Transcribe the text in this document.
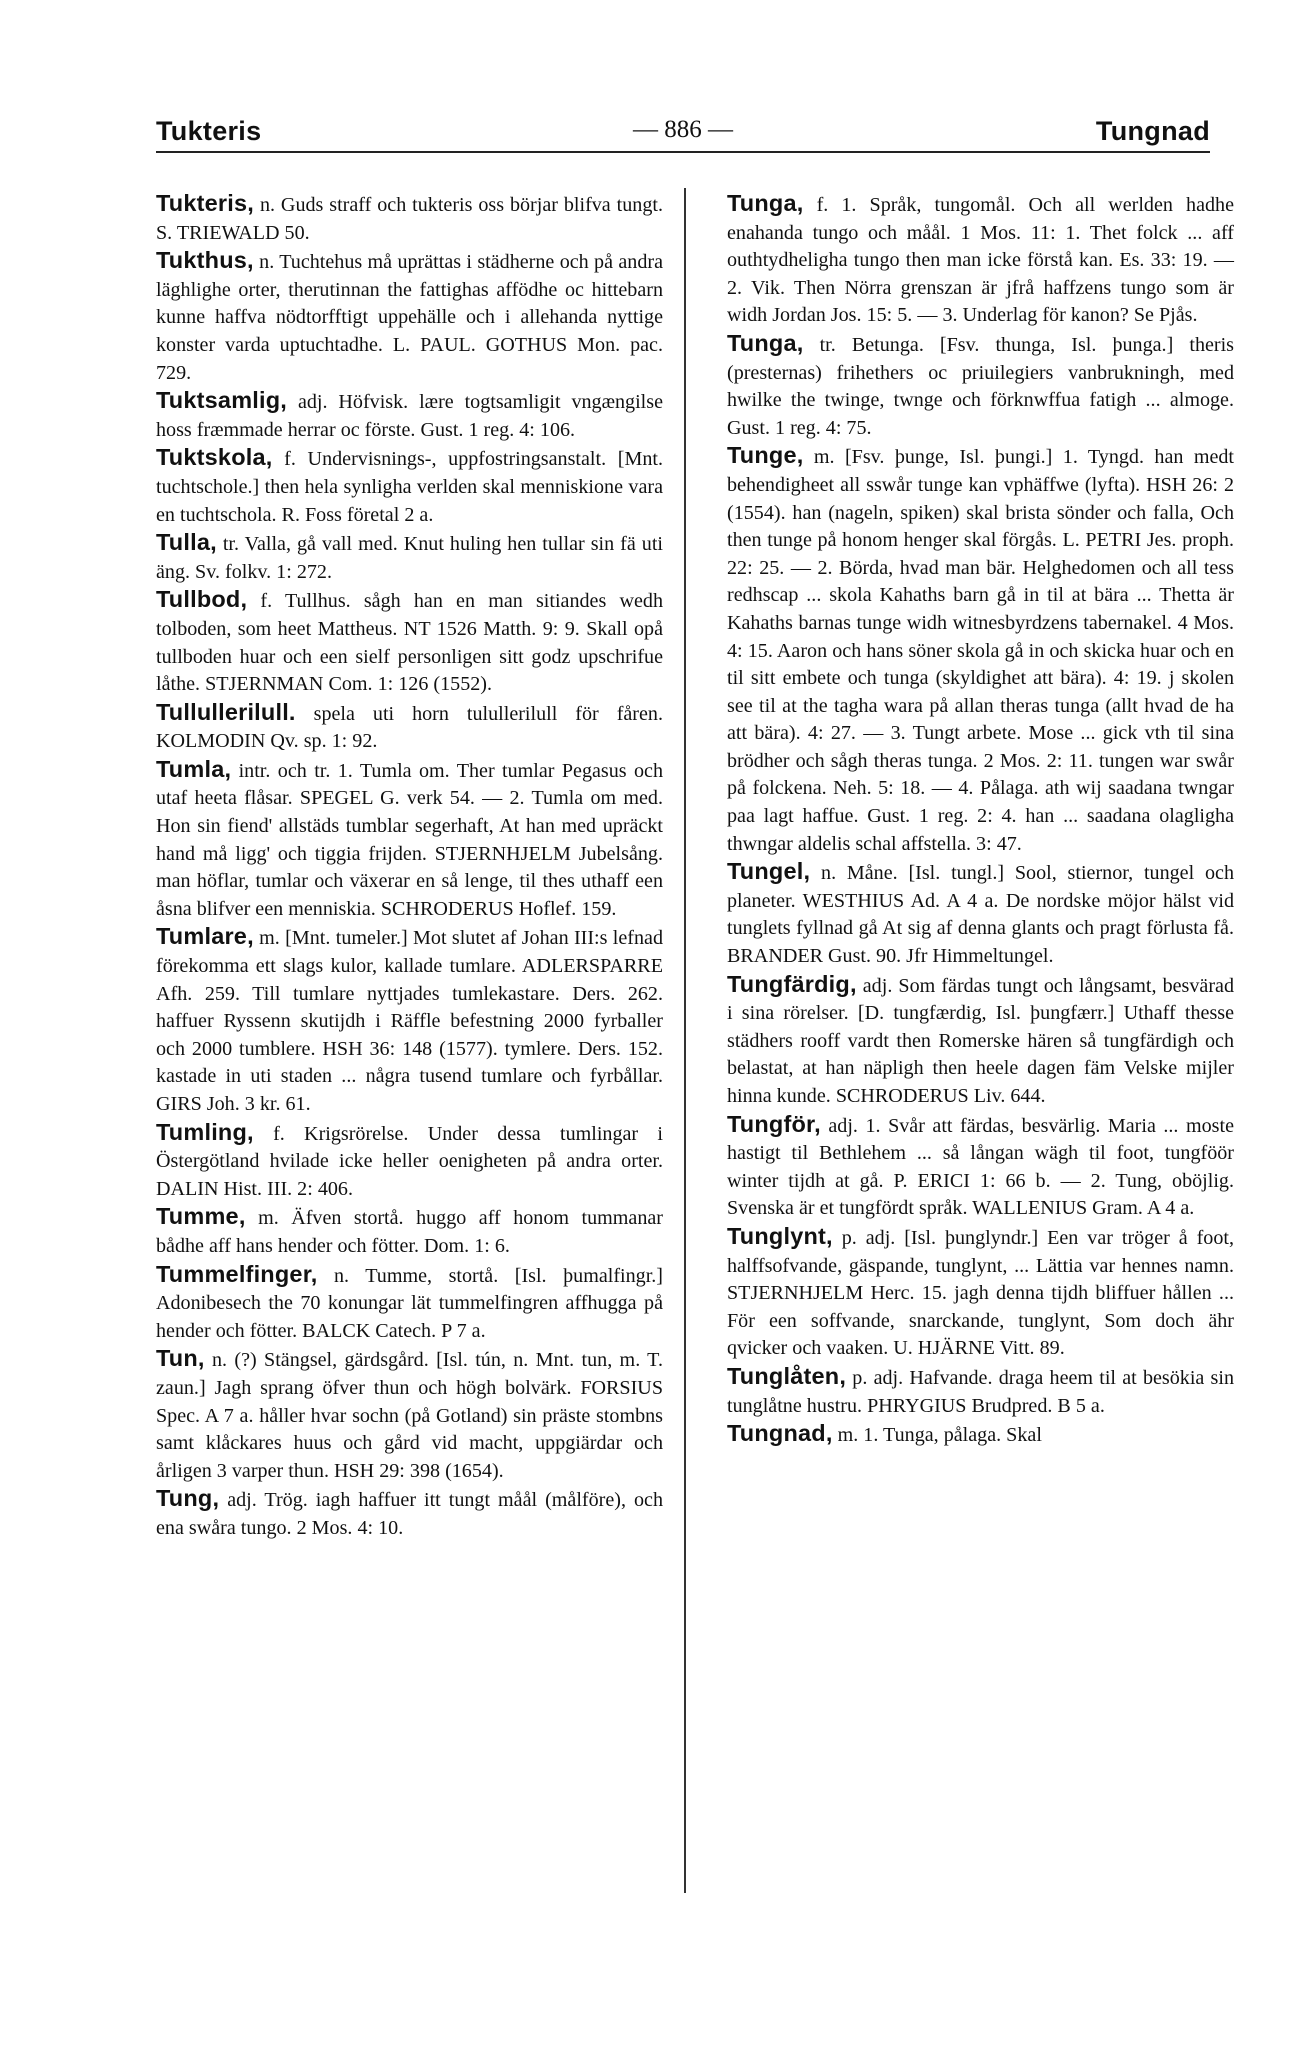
Tukteris	— 886 —	Tungnad

Tukteris, n. Guds straff och tukteris oss börjar blifva tungt. S. TRIEWALD 50.

Tukthus, n. Tuchtehus må uprättas i städherne och på andra läghlighe orter, therutinnan the fattighas affödhe oc hittebarn kunne haffva nödtorfftigt uppehälle och i allehanda nyttige konster varda uptuchtadhe. L. PAUL. GOTHUS Mon. pac. 729.

Tuktsamlig, adj. Höfvisk. lære togtsamligit vngængilse hoss fræmmade herrar oc förste. Gust. 1 reg. 4: 106.

Tuktskola, f. Undervisnings-, uppfostringsanstalt. [Mnt. tuchtschole.] then hela synligha verlden skal menniskione vara en tuchtschola. R. Foss företal 2 a.

Tulla, tr. Valla, gå vall med. Knut huling hen tullar sin fä uti äng. Sv. folkv. 1: 272.

Tullbod, f. Tullhus. sågh han en man sitiandes wedh tolboden, som heet Mattheus. NT 1526 Matth. 9: 9. Skall opå tullboden huar och een sielf personligen sitt godz upschrifue låthe. STJERNMAN Com. 1: 126 (1552).

Tullullerilull. spela uti horn tulullerilull för fåren. KOLMODIN Qv. sp. 1: 92.

Tumla, intr. och tr. 1. Tumla om. Ther tumlar Pegasus och utaf heeta flåsar. SPEGEL G. verk 54. — 2. Tumla om med. Hon sin fiend' allstäds tumblar segerhaft, At han med upräckt hand må ligg' och tiggia frijden. STJERNHJELM Jubelsång. man höflar, tumlar och växerar en så lenge, til thes uthaff een åsna blifver een menniskia. SCHRODERUS Hoflef. 159.

Tumlare, m. [Mnt. tumeler.] Mot slutet af Johan III:s lefnad förekomma ett slags kulor, kallade tumlare. ADLERSPARRE Afh. 259. Till tumlare nyttjades tumlekastare. Ders. 262. haffuer Ryssenn skutijdh i Räffle befestning 2000 fyrballer och 2000 tumblere. HSH 36: 148 (1577). tymlere. Ders. 152. kastade in uti staden ... några tusend tumlare och fyrbållar. GIRS Joh. 3 kr. 61.

Tumling, f. Krigsrörelse. Under dessa tumlingar i Östergötland hvilade icke heller oenigheten på andra orter. DALIN Hist. III. 2: 406.

Tumme, m. Äfven stortå. huggo aff honom tummanar bådhe aff hans hender och fötter. Dom. 1: 6.

Tummelfinger, n. Tumme, stortå. [Isl. þumalfingr.] Adonibesech the 70 konungar lät tummelfingren affhugga på hender och fötter. BALCK Catech. P 7 a.

Tun, n. (?) Stängsel, gärdsgård. [Isl. tún, n. Mnt. tun, m. T. zaun.] Jagh sprang öfver thun och högh bolvärk. FORSIUS Spec. A 7 a. håller hvar sochn (på Gotland) sin präste stombns samt klåckares huus och gård vid macht, uppgiärdar och årligen 3 varper thun. HSH 29: 398 (1654).

Tung, adj. Trög. iagh haffuer itt tungt måål (målföre), och ena swåra tungo. 2 Mos. 4: 10.

Tunga, f. 1. Språk, tungomål. Och all werlden hadhe enahanda tungo och måål. 1 Mos. 11: 1. Thet folck ... aff outhtydheligha tungo then man icke förstå kan. Es. 33: 19. — 2. Vik. Then Nörra grenszan är jfrå haffzens tungo som är widh Jordan Jos. 15: 5. — 3. Underlag för kanon? Se Pjås.

Tunga, tr. Betunga. [Fsv. thunga, Isl. þunga.] theris (presternas) frihethers oc priuilegiers vanbrukningh, med hwilke the twinge, twnge och förknwffua fatigh ... almoge. Gust. 1 reg. 4: 75.

Tunge, m. [Fsv. þunge, Isl. þungi.] 1. Tyngd. han medt behendigheet all sswår tunge kan vphäffwe (lyfta). HSH 26: 2 (1554). han (nageln, spiken) skal brista sönder och falla, Och then tunge på honom henger skal förgås. L. PETRI Jes. proph. 22: 25. — 2. Börda, hvad man bär. Helghedomen och all tess redhscap ... skola Kahaths barn gå in til at bära ... Thetta är Kahaths barnas tunge widh witnesbyrdzens tabernakel. 4 Mos. 4: 15. Aaron och hans söner skola gå in och skicka huar och en til sitt embete och tunga (skyldighet att bära). 4: 19. j skolen see til at the tagha wara på allan theras tunga (allt hvad de ha att bära). 4: 27. — 3. Tungt arbete. Mose ... gick vth til sina brödher och sågh theras tunga. 2 Mos. 2: 11. tungen war swår på folckena. Neh. 5: 18. — 4. Pålaga. ath wij saadana twngar paa lagt haffue. Gust. 1 reg. 2: 4. han ... saadana olagligha thwngar aldelis schal affstella. 3: 47.

Tungel, n. Måne. [Isl. tungl.] Sool, stiernor, tungel och planeter. WESTHIUS Ad. A 4 a. De nordske möjor hälst vid tunglets fyllnad gå At sig af denna glants och pragt förlusta få. BRANDER Gust. 90. Jfr Himmeltungel.

Tungfärdig, adj. Som färdas tungt och långsamt, besvärad i sina rörelser. [D. tungfærdig, Isl. þungfærr.] Uthaff thesse städhers rooff vardt then Romerske hären så tungfärdigh och belastat, at han näpligh then heele dagen fäm Velske mijler hinna kunde. SCHRODERUS Liv. 644.

Tungför, adj. 1. Svår att färdas, besvärlig. Maria ... moste hastigt til Bethlehem ... så långan wägh til foot, tungföör winter tijdh at gå. P. ERICI 1: 66 b. — 2. Tung, oböjlig. Svenska är et tungfördt språk. WALLENIUS Gram. A 4 a.

Tunglynt, p. adj. [Isl. þunglyndr.] Een var tröger å foot, halffsofvande, gäspande, tunglynt, ... Lättia var hennes namn. STJERNHJELM Herc. 15. jagh denna tijdh bliffuer hållen ... För een soffvande, snarckande, tunglynt, Som doch ähr qvicker och vaaken. U. HJÄRNE Vitt. 89.

Tunglåten, p. adj. Hafvande. draga heem til at besökia sin tunglåtne hustru. PHRYGIUS Brudpred. B 5 a.

Tungnad, m. 1. Tunga, pålaga. Skal
